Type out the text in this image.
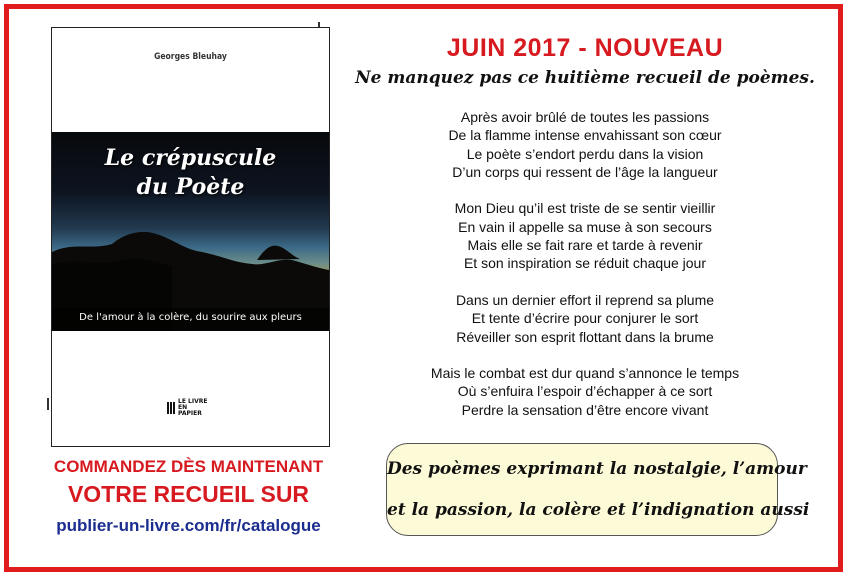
Georges Bleuhay
Le crépuscule
du Poète
De l'amour à la colère, du sourire aux pleurs
LE LIVRE EN PAPIER
COMMANDEZ DÈS MAINTENANT
VOTRE RECUEIL SUR
publier-un-livre.com/fr/catalogue
JUIN 2017 - NOUVEAU
Ne manquez pas ce huitième recueil de poèmes.
Après avoir brûlé de toutes les passions
De la flamme intense envahissant son cœur
Le poète s’endort perdu dans la vision
D’un corps qui ressent de l’âge la langueur
Mon Dieu qu’il est triste de se sentir vieillir
En vain il appelle sa muse à son secours
Mais elle se fait rare et tarde à revenir
Et son inspiration se réduit chaque jour
Dans un dernier effort il reprend sa plume
Et tente d’écrire pour conjurer le sort
Réveiller son esprit flottant dans la brume
Mais le combat est dur quand s’annonce le temps
Où s’enfuira l’espoir d’échapper à ce sort
Perdre la sensation d’être encore vivant
Des poèmes exprimant la nostalgie, l’amour
et la passion, la colère et l’indignation aussi
